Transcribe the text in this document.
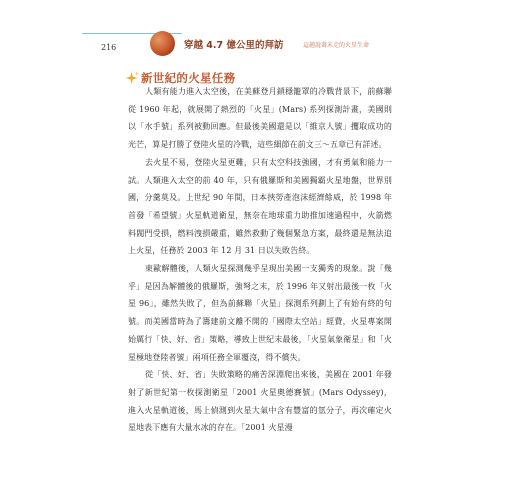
216	穿越 4.7 億公里的拜訪	這趟說著未走的火星生命
新世紀的火星任務

人類有能力進入太空後，在美蘇登月鎖穩籠罩的冷戰背景下，前蘇聯從 1960 年起，就展開了熱烈的「火星」(Mars) 系列探測計畫，美國則以「水手號」系列被動回應。但最後美國還是以「維京人號」攫取成功的光芒，算是打勝了登陸火星的冷戰，這些細節在前文三～五章已有詳述。

去火星不易，登陸火星更難，只有太空科技強國，才有勇氣和能力一試。人類進入太空的前 40 年，只有俄羅斯和美國獨霸火星地盤，世界別國，分羹莫及。上世紀 90 年間，日本挾勞產泡沫經濟餘威，於 1998 年首發「希望號」火星軌道衛星，無奈在地球重力助推加速過程中，火箭燃料閥門受損，燃料洩損嚴重，雖然救動了幾個緊急方案，最終還是無法追上火星，任務於 2003 年 12 月 31 日以失敗告終。

東歐解體後，人類火星探測幾乎呈現出美國一支獨秀的現象。說「幾乎」是因為解體後的俄羅斯，強弩之末，於 1996 年又射出最後一枚「火星 96」，雖然失敗了，但為前蘇聯「火星」探測系列劃上了有始有終的句號。而美國當時為了籌建前文離不開的「國際太空站」經費，火星專案開始厲行「快、好、省」策略，導致上世紀末最後，「火星氣象衛星」和「火星極地登陸者號」兩項任務全軍覆沒，得不償失。

從「快、好、省」失敗策略的痛苦深淵爬出來後，美國在 2001 年發射了新世紀第一枚探測衛星「2001 火星奧德賽號」(Mars Odyssey)，進入火星軌道後，馬上偵測到火星大氣中含有豐富的氫分子，再次確定火星地表下應有大量水冰的存在。「2001 火星漫
